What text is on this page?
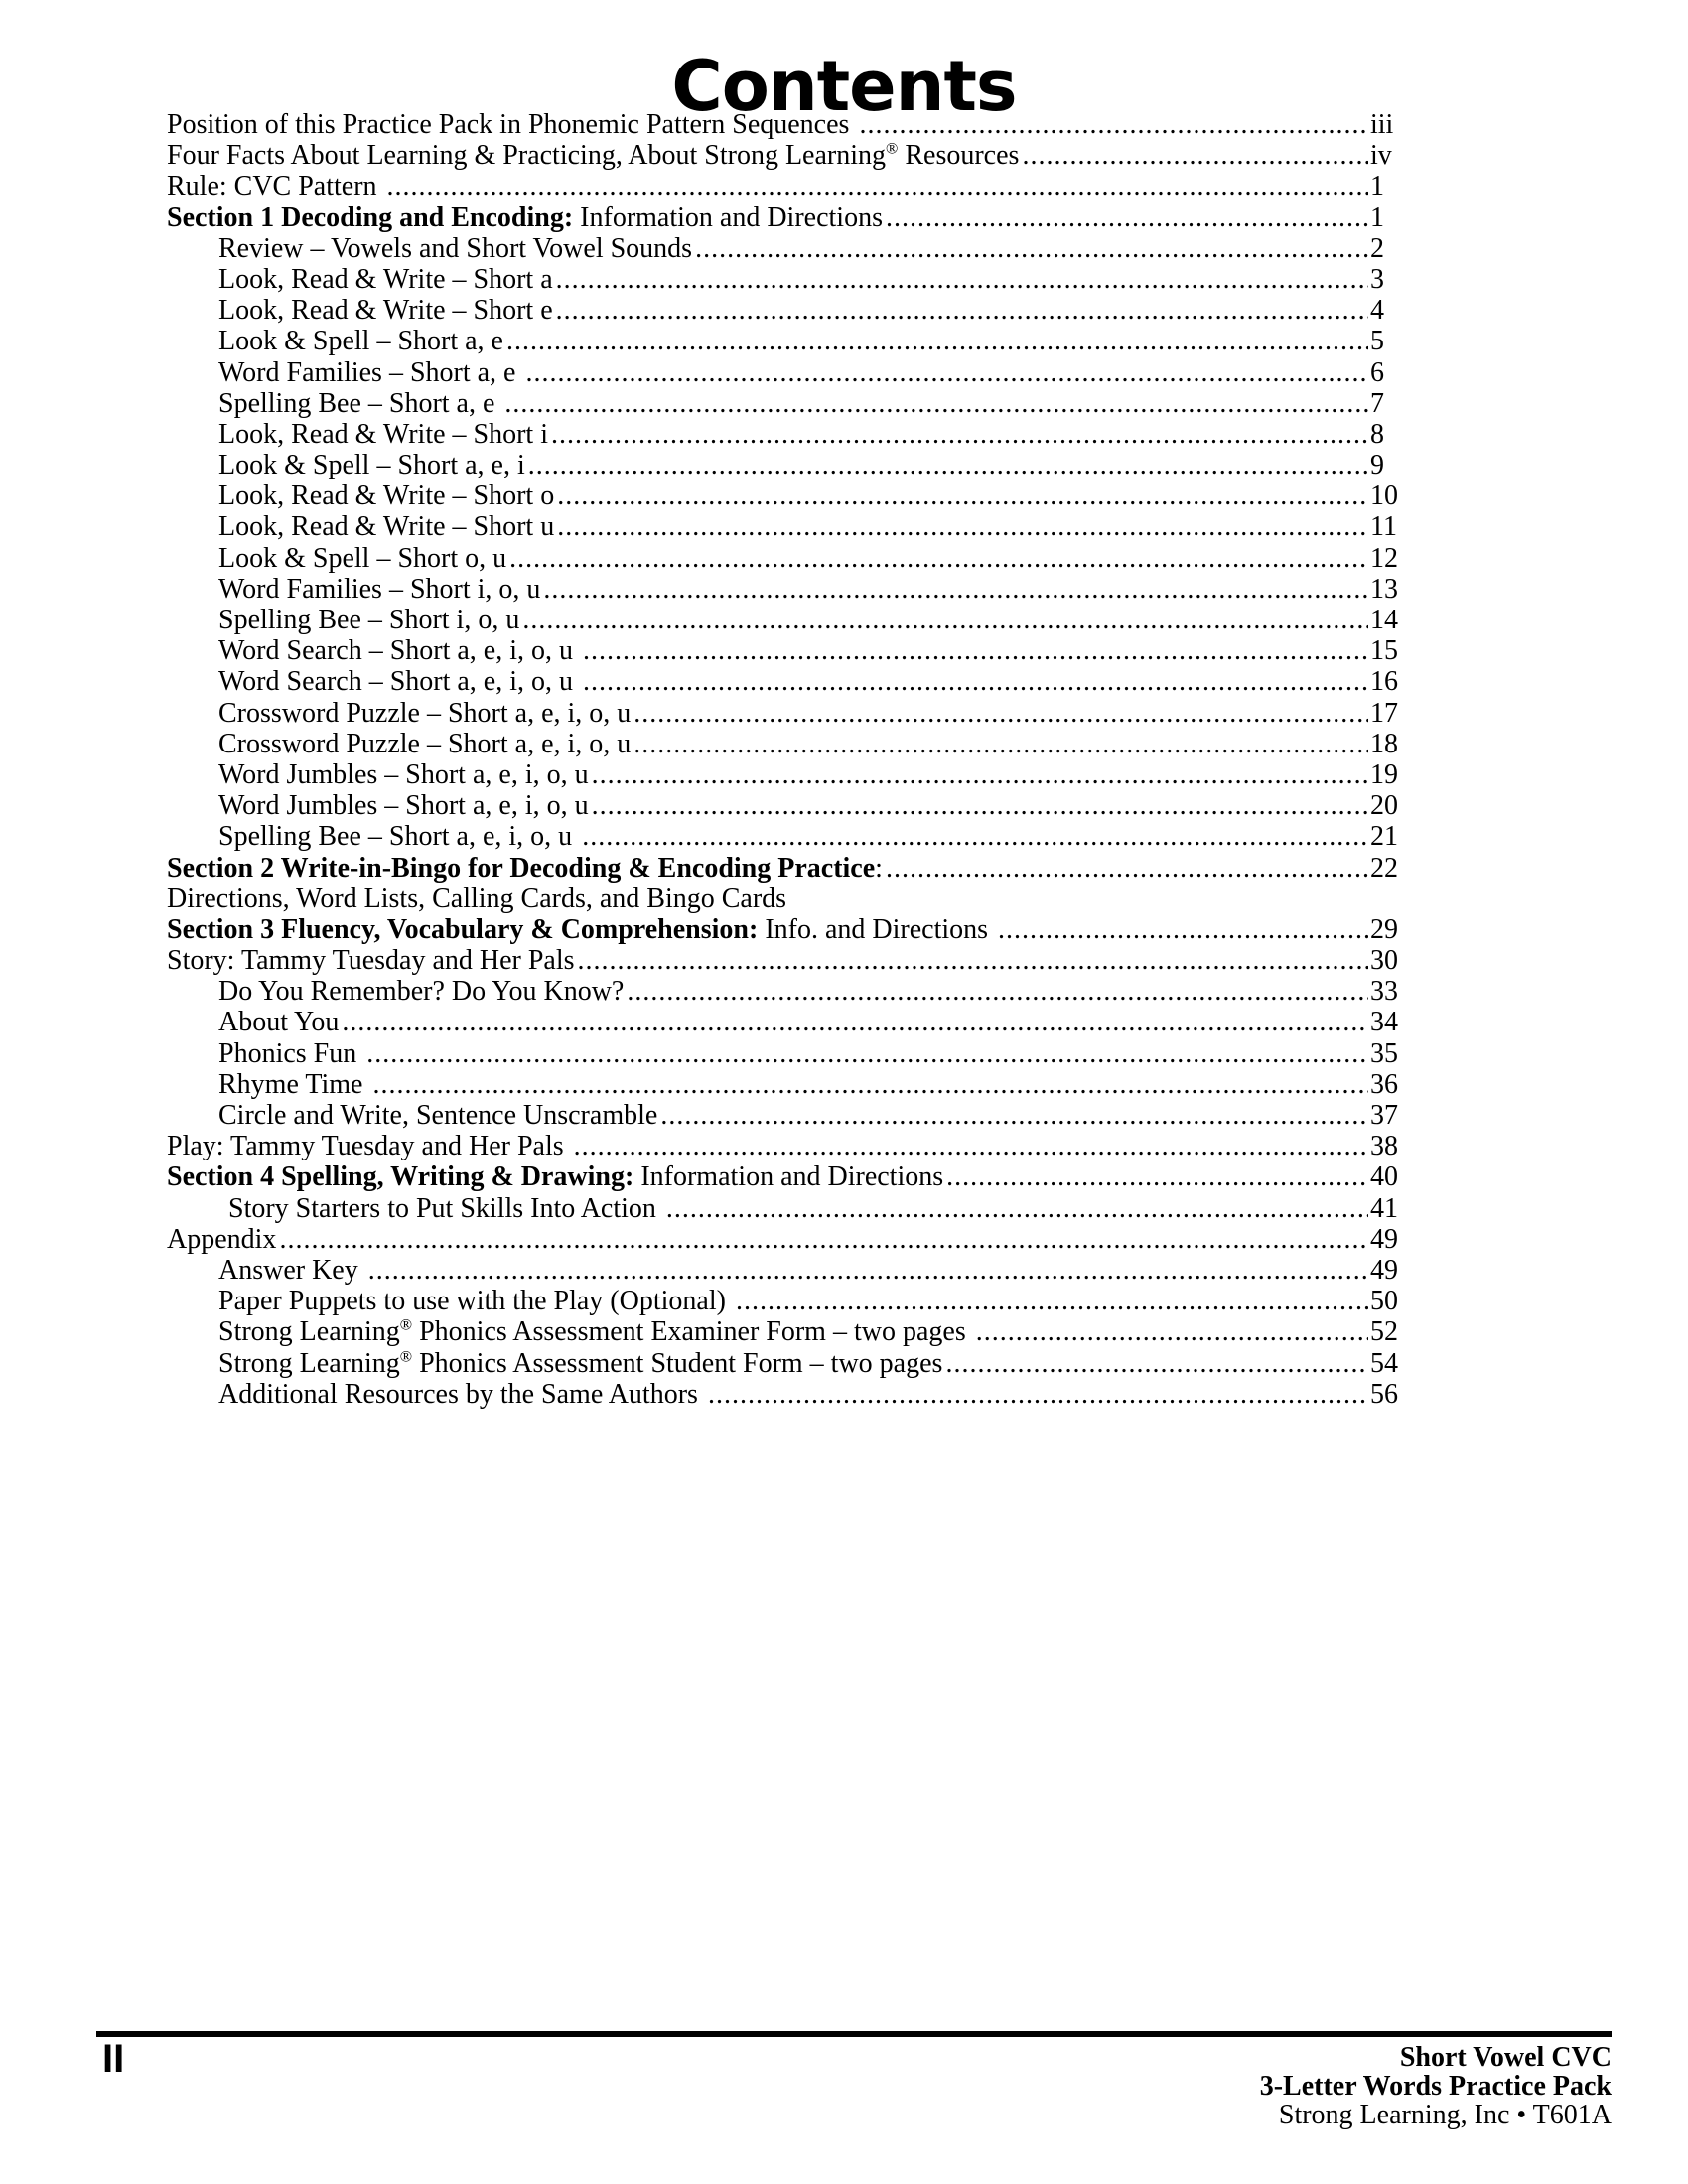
Contents
Position of this Practice Pack in Phonemic Pattern Sequences .....	iii
Four Facts About Learning & Practicing, About Strong Learning® Resources .....	iv
Rule: CVC Pattern .....	1
Section 1 Decoding and Encoding: Information and Directions .....	1
Review – Vowels and Short Vowel Sounds .....	2
Look, Read & Write – Short a .....	3
Look, Read & Write – Short e .....	4
Look & Spell – Short a, e .....	5
Word Families – Short a, e .....	6
Spelling Bee – Short a, e .....	7
Look, Read & Write – Short i .....	8
Look & Spell – Short a, e, i .....	9
Look, Read & Write – Short o .....	10
Look, Read & Write – Short u .....	11
Look & Spell – Short o, u .....	12
Word Families – Short i, o, u .....	13
Spelling Bee – Short i, o, u .....	14
Word Search – Short a, e, i, o, u .....	15
Word Search – Short a, e, i, o, u .....	16
Crossword Puzzle – Short a, e, i, o, u .....	17
Crossword Puzzle – Short a, e, i, o, u .....	18
Word Jumbles – Short a, e, i, o, u .....	19
Word Jumbles – Short a, e, i, o, u .....	20
Spelling Bee – Short a, e, i, o, u .....	21
Section 2 Write-in-Bingo for Decoding & Encoding Practice: .....	22
Directions, Word Lists, Calling Cards, and Bingo Cards
Section 3 Fluency, Vocabulary & Comprehension: Info. and Directions .....	29
Story: Tammy Tuesday and Her Pals .....	30
Do You Remember? Do You Know? .....	33
About You .....	34
Phonics Fun .....	35
Rhyme Time .....	36
Circle and Write, Sentence Unscramble .....	37
Play: Tammy Tuesday and Her Pals .....	38
Section 4 Spelling, Writing & Drawing: Information and Directions .....	40
Story Starters to Put Skills Into Action .....	41
Appendix .....	49
Answer Key .....	49
Paper Puppets to use with the Play (Optional) .....	50
Strong Learning® Phonics Assessment Examiner Form – two pages .....	52
Strong Learning® Phonics Assessment Student Form – two pages .....	54
Additional Resources by the Same Authors .....	56
II	Short Vowel CVC
3-Letter Words Practice Pack
Strong Learning, Inc • T601A
